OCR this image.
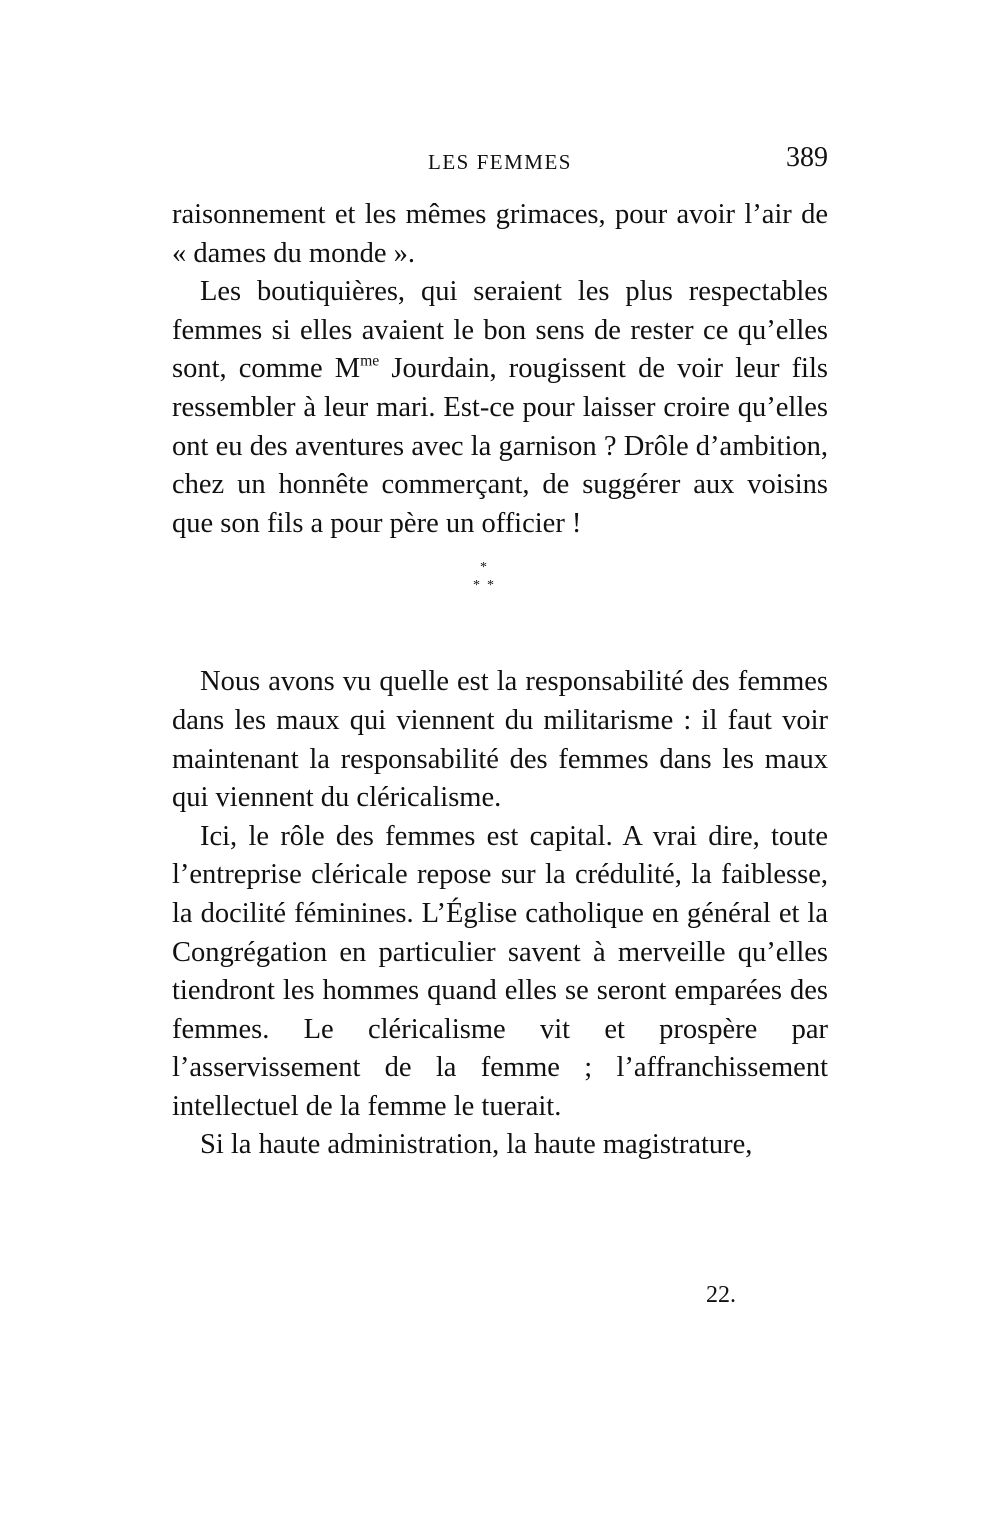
LES FEMMES	389

raisonnement et les mêmes grimaces, pour avoir l’air de « dames du monde ».

Les boutiquières, qui seraient les plus respectables femmes si elles avaient le bon sens de rester ce qu’elles sont, comme $M^{me}$ Jourdain, rougissent de voir leur fils ressembler à leur mari. Est-ce pour laisser croire qu’elles ont eu des aventures avec la garnison ? Drôle d’ambition, chez un honnête commerçant, de suggérer aux voisins que son fils a pour père un officier !

*
* *

Nous avons vu quelle est la responsabilité des femmes dans les maux qui viennent du militarisme : il faut voir maintenant la responsabilité des femmes dans les maux qui viennent du cléricalisme.

Ici, le rôle des femmes est capital. A vrai dire, toute l’entreprise cléricale repose sur la crédulité, la faiblesse, la docilité féminines. L’Église catholique en général et la Congrégation en particulier savent à merveille qu’elles tiendront les hommes quand elles se seront emparées des femmes. Le cléricalisme vit et prospère par l’asservissement de la femme ; l’affranchissement intellectuel de la femme le tuerait.

Si la haute administration, la haute magistrature,

22.
